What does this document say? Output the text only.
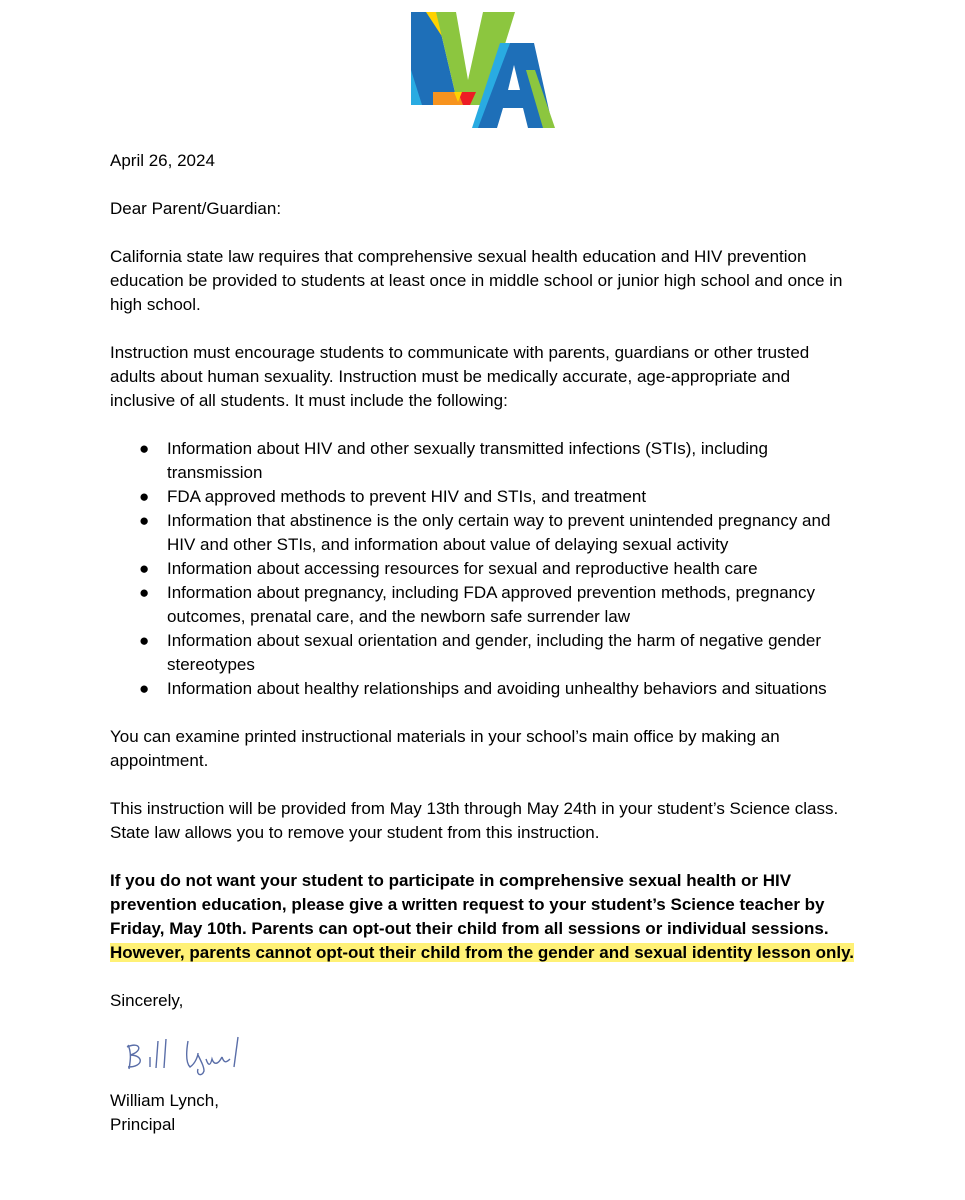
April 26, 2024

Dear Parent/Guardian:

California state law requires that comprehensive sexual health education and HIV prevention education be provided to students at least once in middle school or junior high school and once in high school.

Instruction must encourage students to communicate with parents, guardians or other trusted adults about human sexuality. Instruction must be medically accurate, age-appropriate and inclusive of all students. It must include the following:

● Information about HIV and other sexually transmitted infections (STIs), including transmission
● FDA approved methods to prevent HIV and STIs, and treatment
● Information that abstinence is the only certain way to prevent unintended pregnancy and HIV and other STIs, and information about value of delaying sexual activity
● Information about accessing resources for sexual and reproductive health care
● Information about pregnancy, including FDA approved prevention methods, pregnancy outcomes, prenatal care, and the newborn safe surrender law
● Information about sexual orientation and gender, including the harm of negative gender stereotypes
● Information about healthy relationships and avoiding unhealthy behaviors and situations

You can examine printed instructional materials in your school’s main office by making an appointment.

This instruction will be provided from May 13th through May 24th in your student’s Science class. State law allows you to remove your student from this instruction.

If you do not want your student to participate in comprehensive sexual health or HIV prevention education, please give a written request to your student’s Science teacher by Friday, May 10th. Parents can opt-out their child from all sessions or individual sessions. However, parents cannot opt-out their child from the gender and sexual identity lesson only.

Sincerely,

William Lynch,
Principal
